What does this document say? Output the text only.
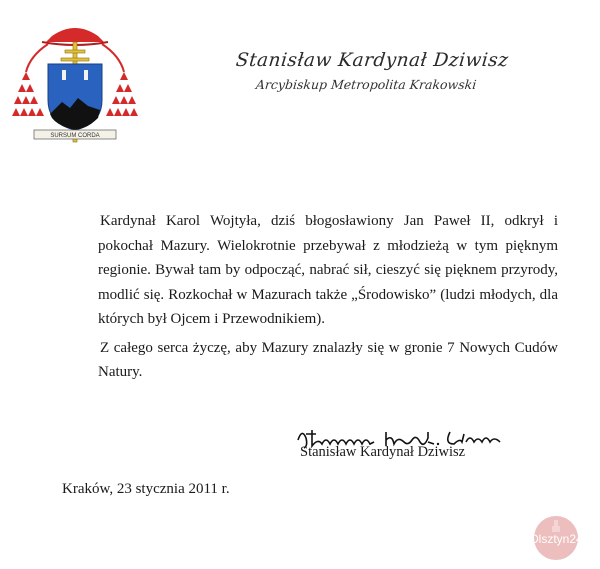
SURSUM CORDA

Stanisław Kardynał Dziwisz

Arcybiskup Metropolita Krakowski

Kardynał Karol Wojtyła, dziś błogosławiony Jan Paweł II, odkrył i pokochał Mazury. Wielokrotnie przebywał z młodzieżą w tym pięknym regionie. Bywał tam by odpocząć, nabrać sił, cieszyć się pięknem przyrody, modlić się. Rozkochał w Mazurach także „Środowisko” (ludzi młodych, dla których był Ojcem i Przewodnikiem).

Z całego serca życzę, aby Mazury znalazły się w gronie 7 Nowych Cudów Natury.

Stanisław Kardynał Dziwisz

Kraków, 23 stycznia 2011 r.

Olsztyn24
